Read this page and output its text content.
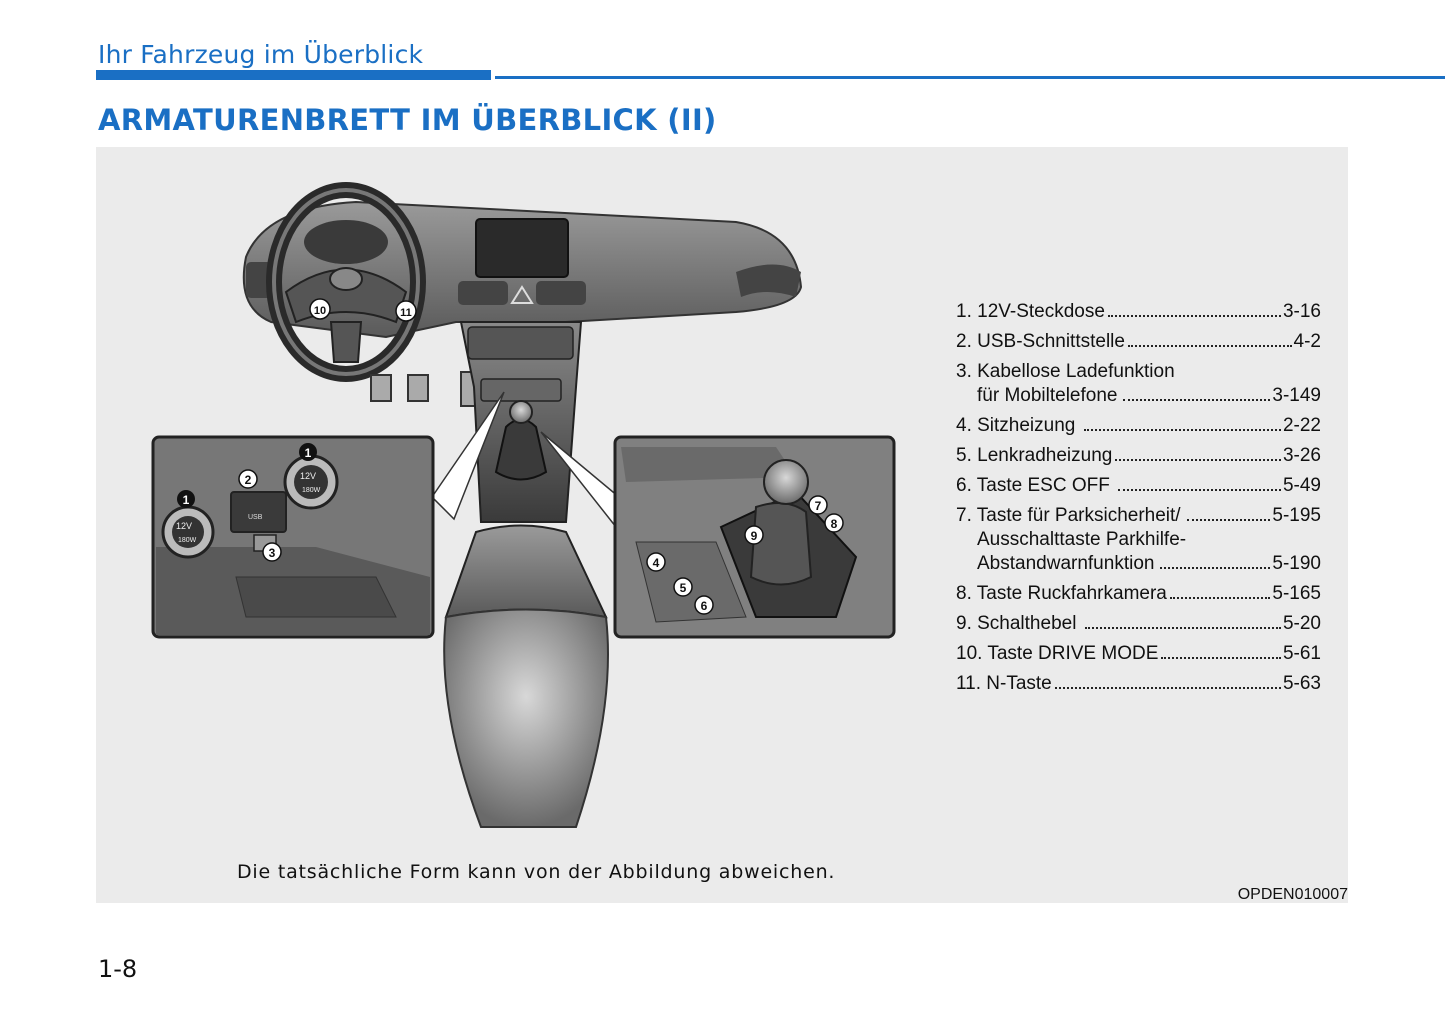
Ihr Fahrzeug im Überblick
ARMATURENBRETT IM ÜBERBLICK (II)
12V
180W
12V
180W
USB
1
1
2
3
4
5
6
7
8
9
10	11	1. 12V-Steckdose	3-16
2. USB-Schnittstelle	4-2
3. Kabellose Ladefunktion
für Mobiltelefone	3-149
4. Sitzheizung	2-22
5. Lenkradheizung	3-26
6. Taste ESC OFF	5-49
7. Taste für Parksicherheit/	5-195
Ausschalttaste Parkhilfe-
Abstandwarnfunktion	5-190
8. Taste Ruckfahrkamera	5-165
9. Schalthebel	5-20
10. Taste DRIVE MODE	5-61
11. N-Taste	5-63
Die tatsächliche Form kann von der Abbildung abweichen.
OPDEN010007
1-8
